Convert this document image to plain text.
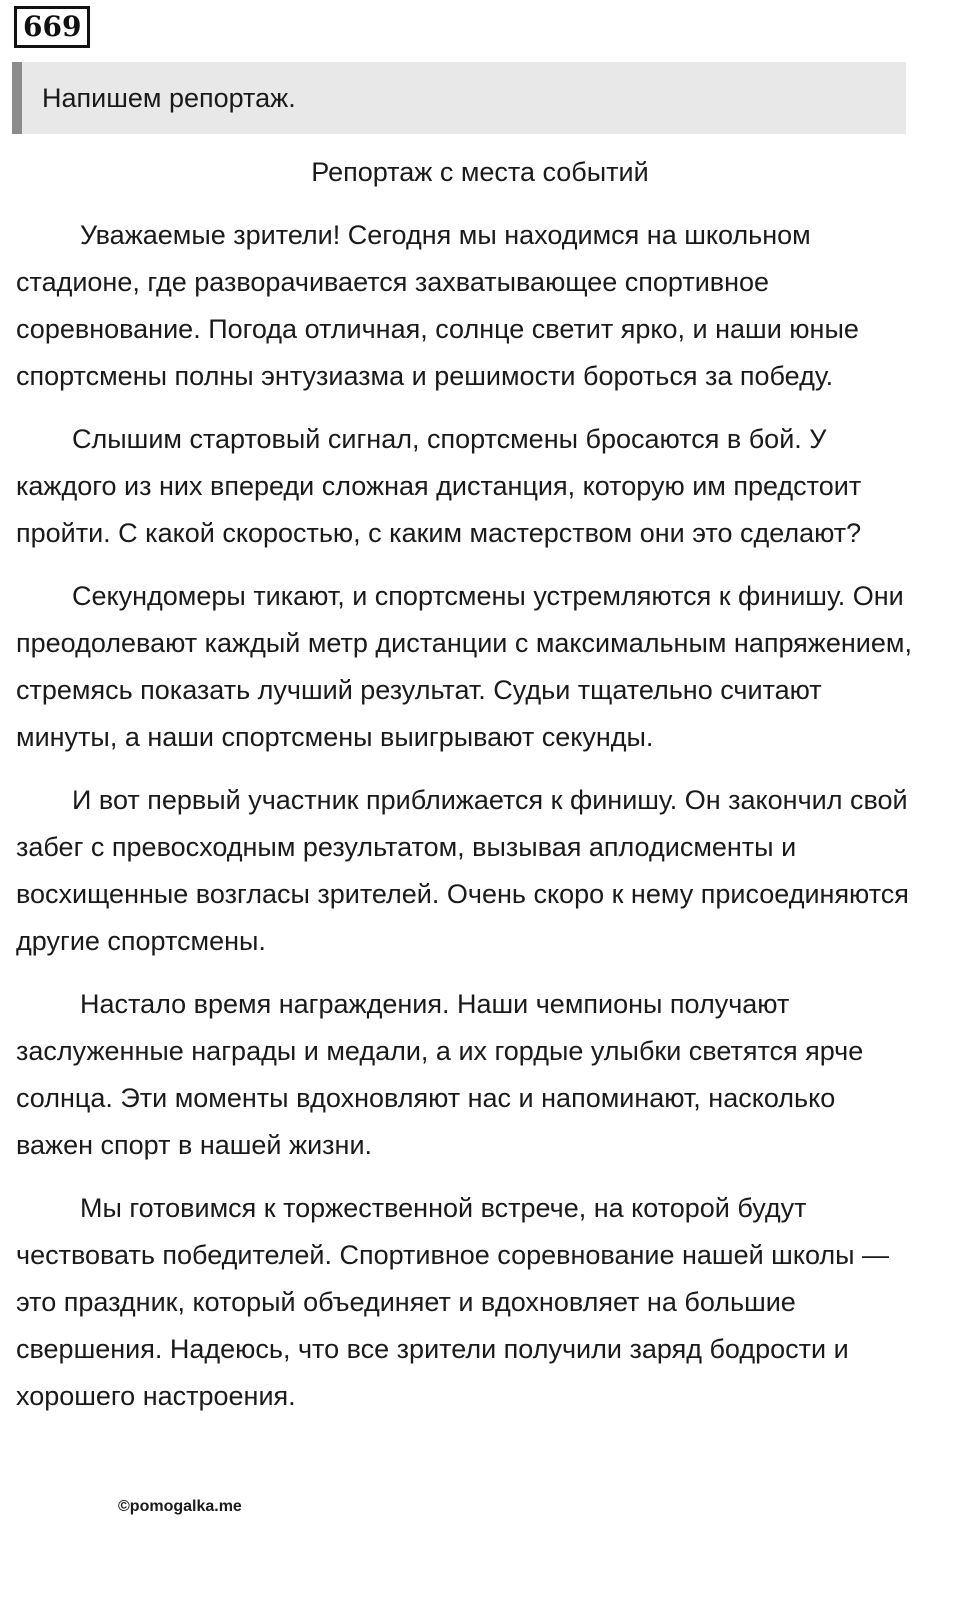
669
Напишем репортаж.
Репортаж с места событий

Уважаемые зрители! Сегодня мы находимся на школьном стадионе, где разворачивается захватывающее спортивное соревнование. Погода отличная, солнце светит ярко, и наши юные спортсмены полны энтузиазма и решимости бороться за победу.

Слышим стартовый сигнал, спортсмены бросаются в бой. У каждого из них впереди сложная дистанция, которую им предстоит пройти. С какой скоростью, с каким мастерством они это сделают?

Секундомеры тикают, и спортсмены устремляются к финишу. Они преодолевают каждый метр дистанции с максимальным напряжением, стремясь показать лучший результат. Судьи тщательно считают минуты, а наши спортсмены выигрывают секунды.

И вот первый участник приближается к финишу. Он закончил свой забег с превосходным результатом, вызывая аплодисменты и восхищенные возгласы зрителей. Очень скоро к нему присоединяются другие спортсмены.

Настало время награждения. Наши чемпионы получают заслуженные награды и медали, а их гордые улыбки светятся ярче солнца. Эти моменты вдохновляют нас и напоминают, насколько важен спорт в нашей жизни.

Мы готовимся к торжественной встрече, на которой будут чествовать победителей. Спортивное соревнование нашей школы — это праздник, который объединяет и вдохновляет на большие свершения. Надеюсь, что все зрители получили заряд бодрости и хорошего настроения.

©pomogalka.me
